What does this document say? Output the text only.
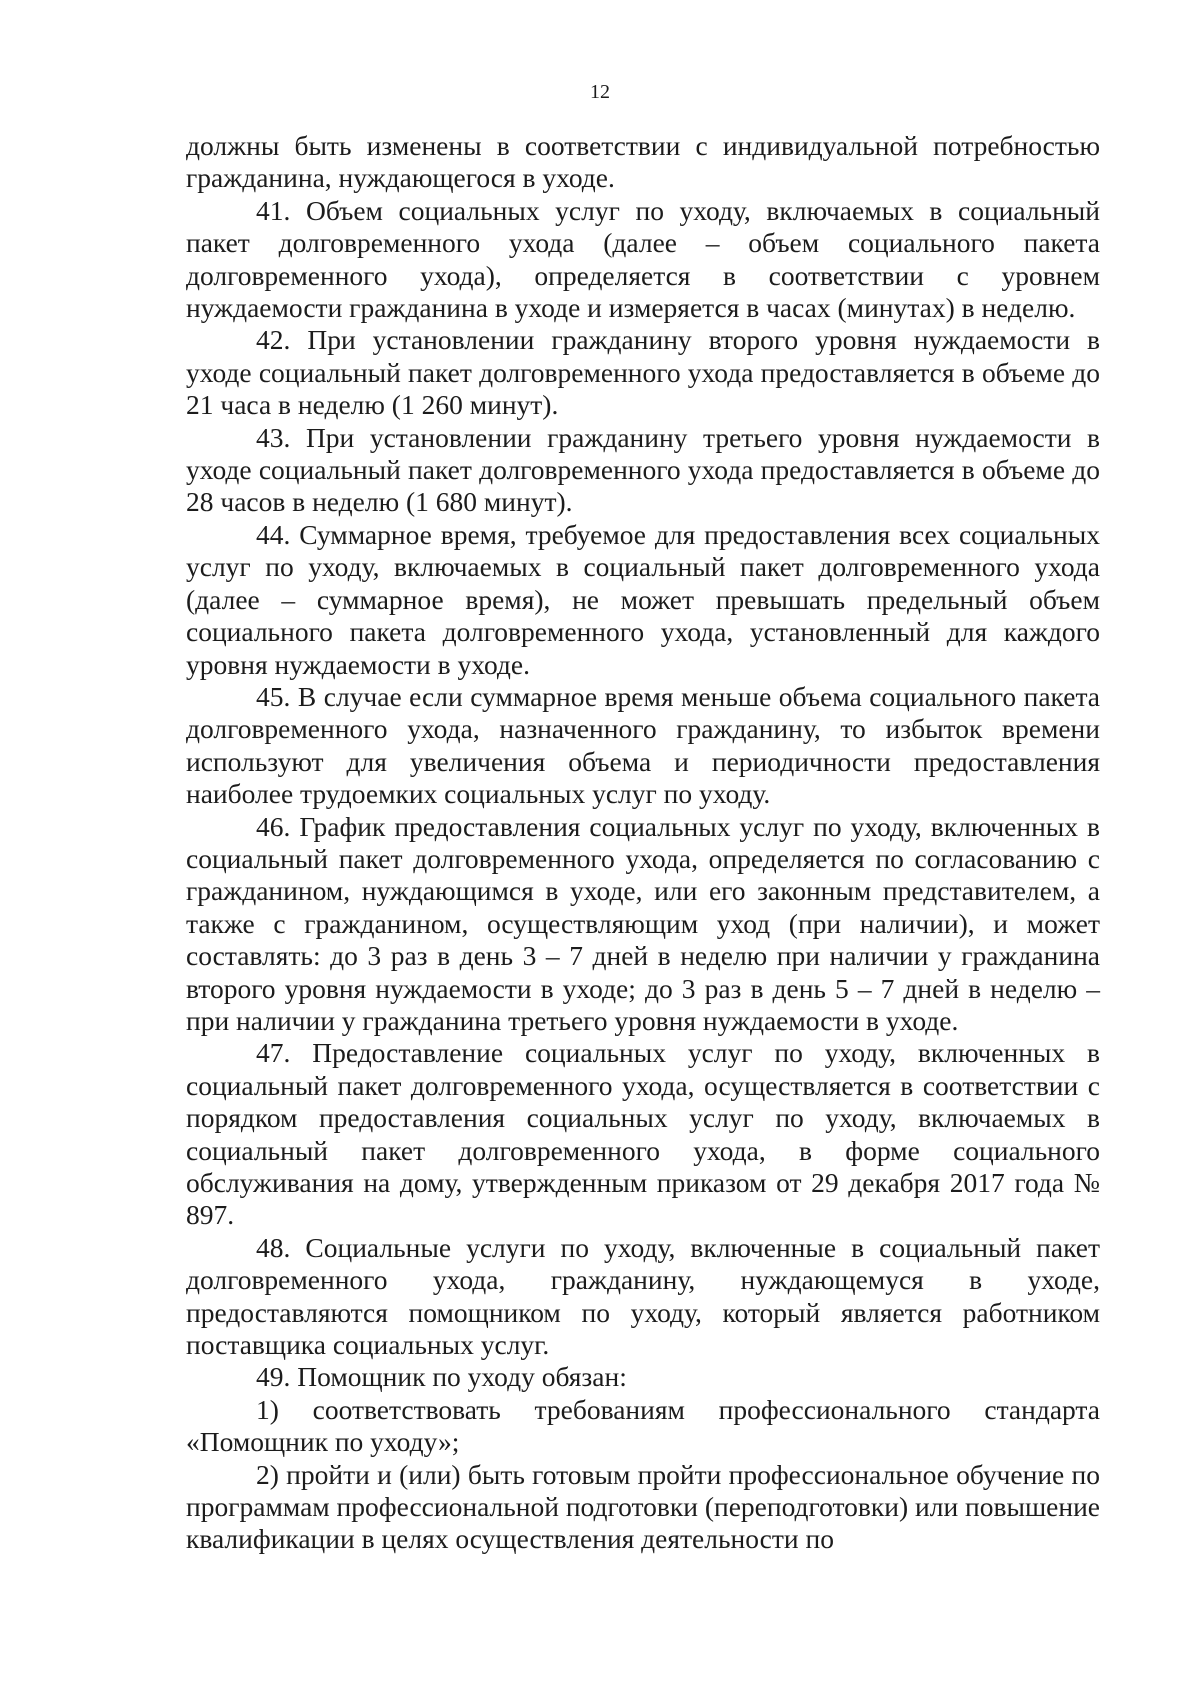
12

должны быть изменены в соответствии с индивидуальной потребностью гражданина, нуждающегося в уходе.

41. Объем социальных услуг по уходу, включаемых в социальный пакет долговременного ухода (далее – объем социального пакета долговременного ухода), определяется в соответствии с уровнем нуждаемости гражданина в уходе и измеряется в часах (минутах) в неделю.

42. При установлении гражданину второго уровня нуждаемости в уходе социальный пакет долговременного ухода предоставляется в объеме до 21 часа в неделю (1 260 минут).

43. При установлении гражданину третьего уровня нуждаемости в уходе социальный пакет долговременного ухода предоставляется в объеме до 28 часов в неделю (1 680 минут).

44. Суммарное время, требуемое для предоставления всех социальных услуг по уходу, включаемых в социальный пакет долговременного ухода (далее – суммарное время), не может превышать предельный объем социального пакета долговременного ухода, установленный для каждого уровня нуждаемости в уходе.

45. В случае если суммарное время меньше объема социального пакета долговременного ухода, назначенного гражданину, то избыток времени используют для увеличения объема и периодичности предоставления наиболее трудоемких социальных услуг по уходу.

46. График предоставления социальных услуг по уходу, включенных в социальный пакет долговременного ухода, определяется по согласованию с гражданином, нуждающимся в уходе, или его законным представителем, а также с гражданином, осуществляющим уход (при наличии), и может составлять: до 3 раз в день 3 – 7 дней в неделю при наличии у гражданина второго уровня нуждаемости в уходе; до 3 раз в день 5 – 7 дней в неделю – при наличии у гражданина третьего уровня нуждаемости в уходе.

47. Предоставление социальных услуг по уходу, включенных в социальный пакет долговременного ухода, осуществляется в соответствии с порядком предоставления социальных услуг по уходу, включаемых в социальный пакет долговременного ухода, в форме социального обслуживания на дому, утвержденным приказом от 29 декабря 2017 года № 897.

48. Социальные услуги по уходу, включенные в социальный пакет долговременного ухода, гражданину, нуждающемуся в уходе, предоставляются помощником по уходу, который является работником поставщика социальных услуг.

49. Помощник по уходу обязан:

1) соответствовать требованиям профессионального стандарта «Помощник по уходу»;

2) пройти и (или) быть готовым пройти профессиональное обучение по программам профессиональной подготовки (переподготовки) или повышение квалификации в целях осуществления деятельности по
